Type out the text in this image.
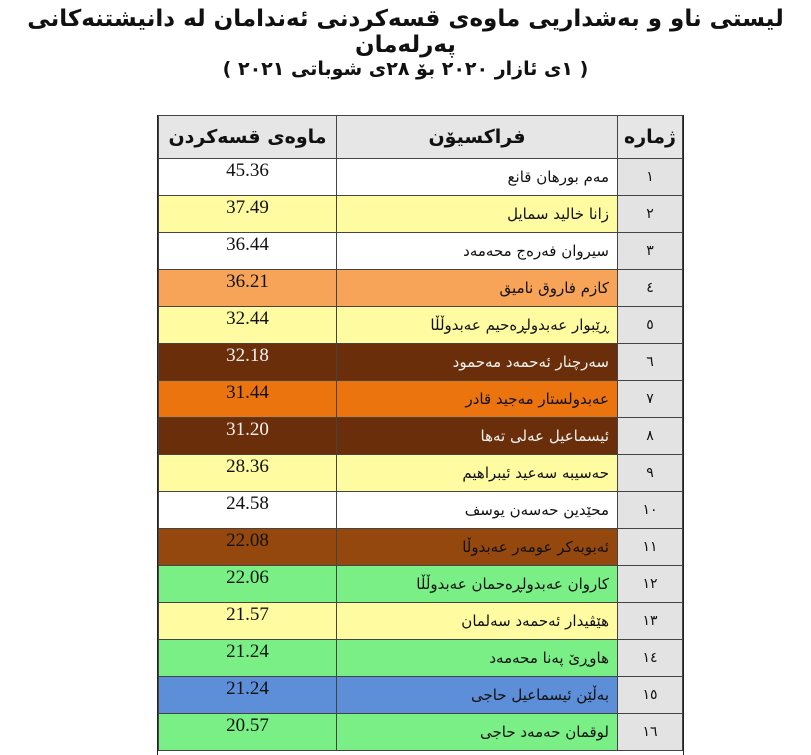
لیستی ناو و بەشداریی ماوەی قسەکردنی ئەندامان لە دانیشتنەکانی پەرلەمان
( ١ی ئازار ٢٠٢٠ بۆ ٢٨ی شوباتی ٢٠٢١ )
ماوەی قسەکردن	فراکسیۆن	ژمارە
45.36	مەم بورهان قانع	١
37.49	زانا خالید سمایل	٢
36.44	سیروان فەرەج محەمەد	٣
36.21	کازم فاروق نامیق	٤
32.44	ڕێبوار عەبدولڕەحیم عەبدوڵڵا	٥
32.18	سەرچنار ئەحمەد مەحمود	٦
31.44	عەبدولستار مەجید قادر	٧
31.20	ئیسماعیل عەلی تەها	٨
28.36	حەسیبە سەعید ئیبراهیم	٩
24.58	محێدین حەسەن یوسف	١٠
22.08	ئەبوبەکر عومەر عەبدوڵا	١١
22.06	کاروان عەبدولڕەحمان عەبدوڵڵا	١٢
21.57	هێڤیدار ئەحمەد سەلمان	١٣
21.24	هاوڕێ پەنا محەمەد	١٤
21.24	بەڵێن ئیسماعیل حاجی	١٥
20.57	لوقمان حەمەد حاجی	١٦
